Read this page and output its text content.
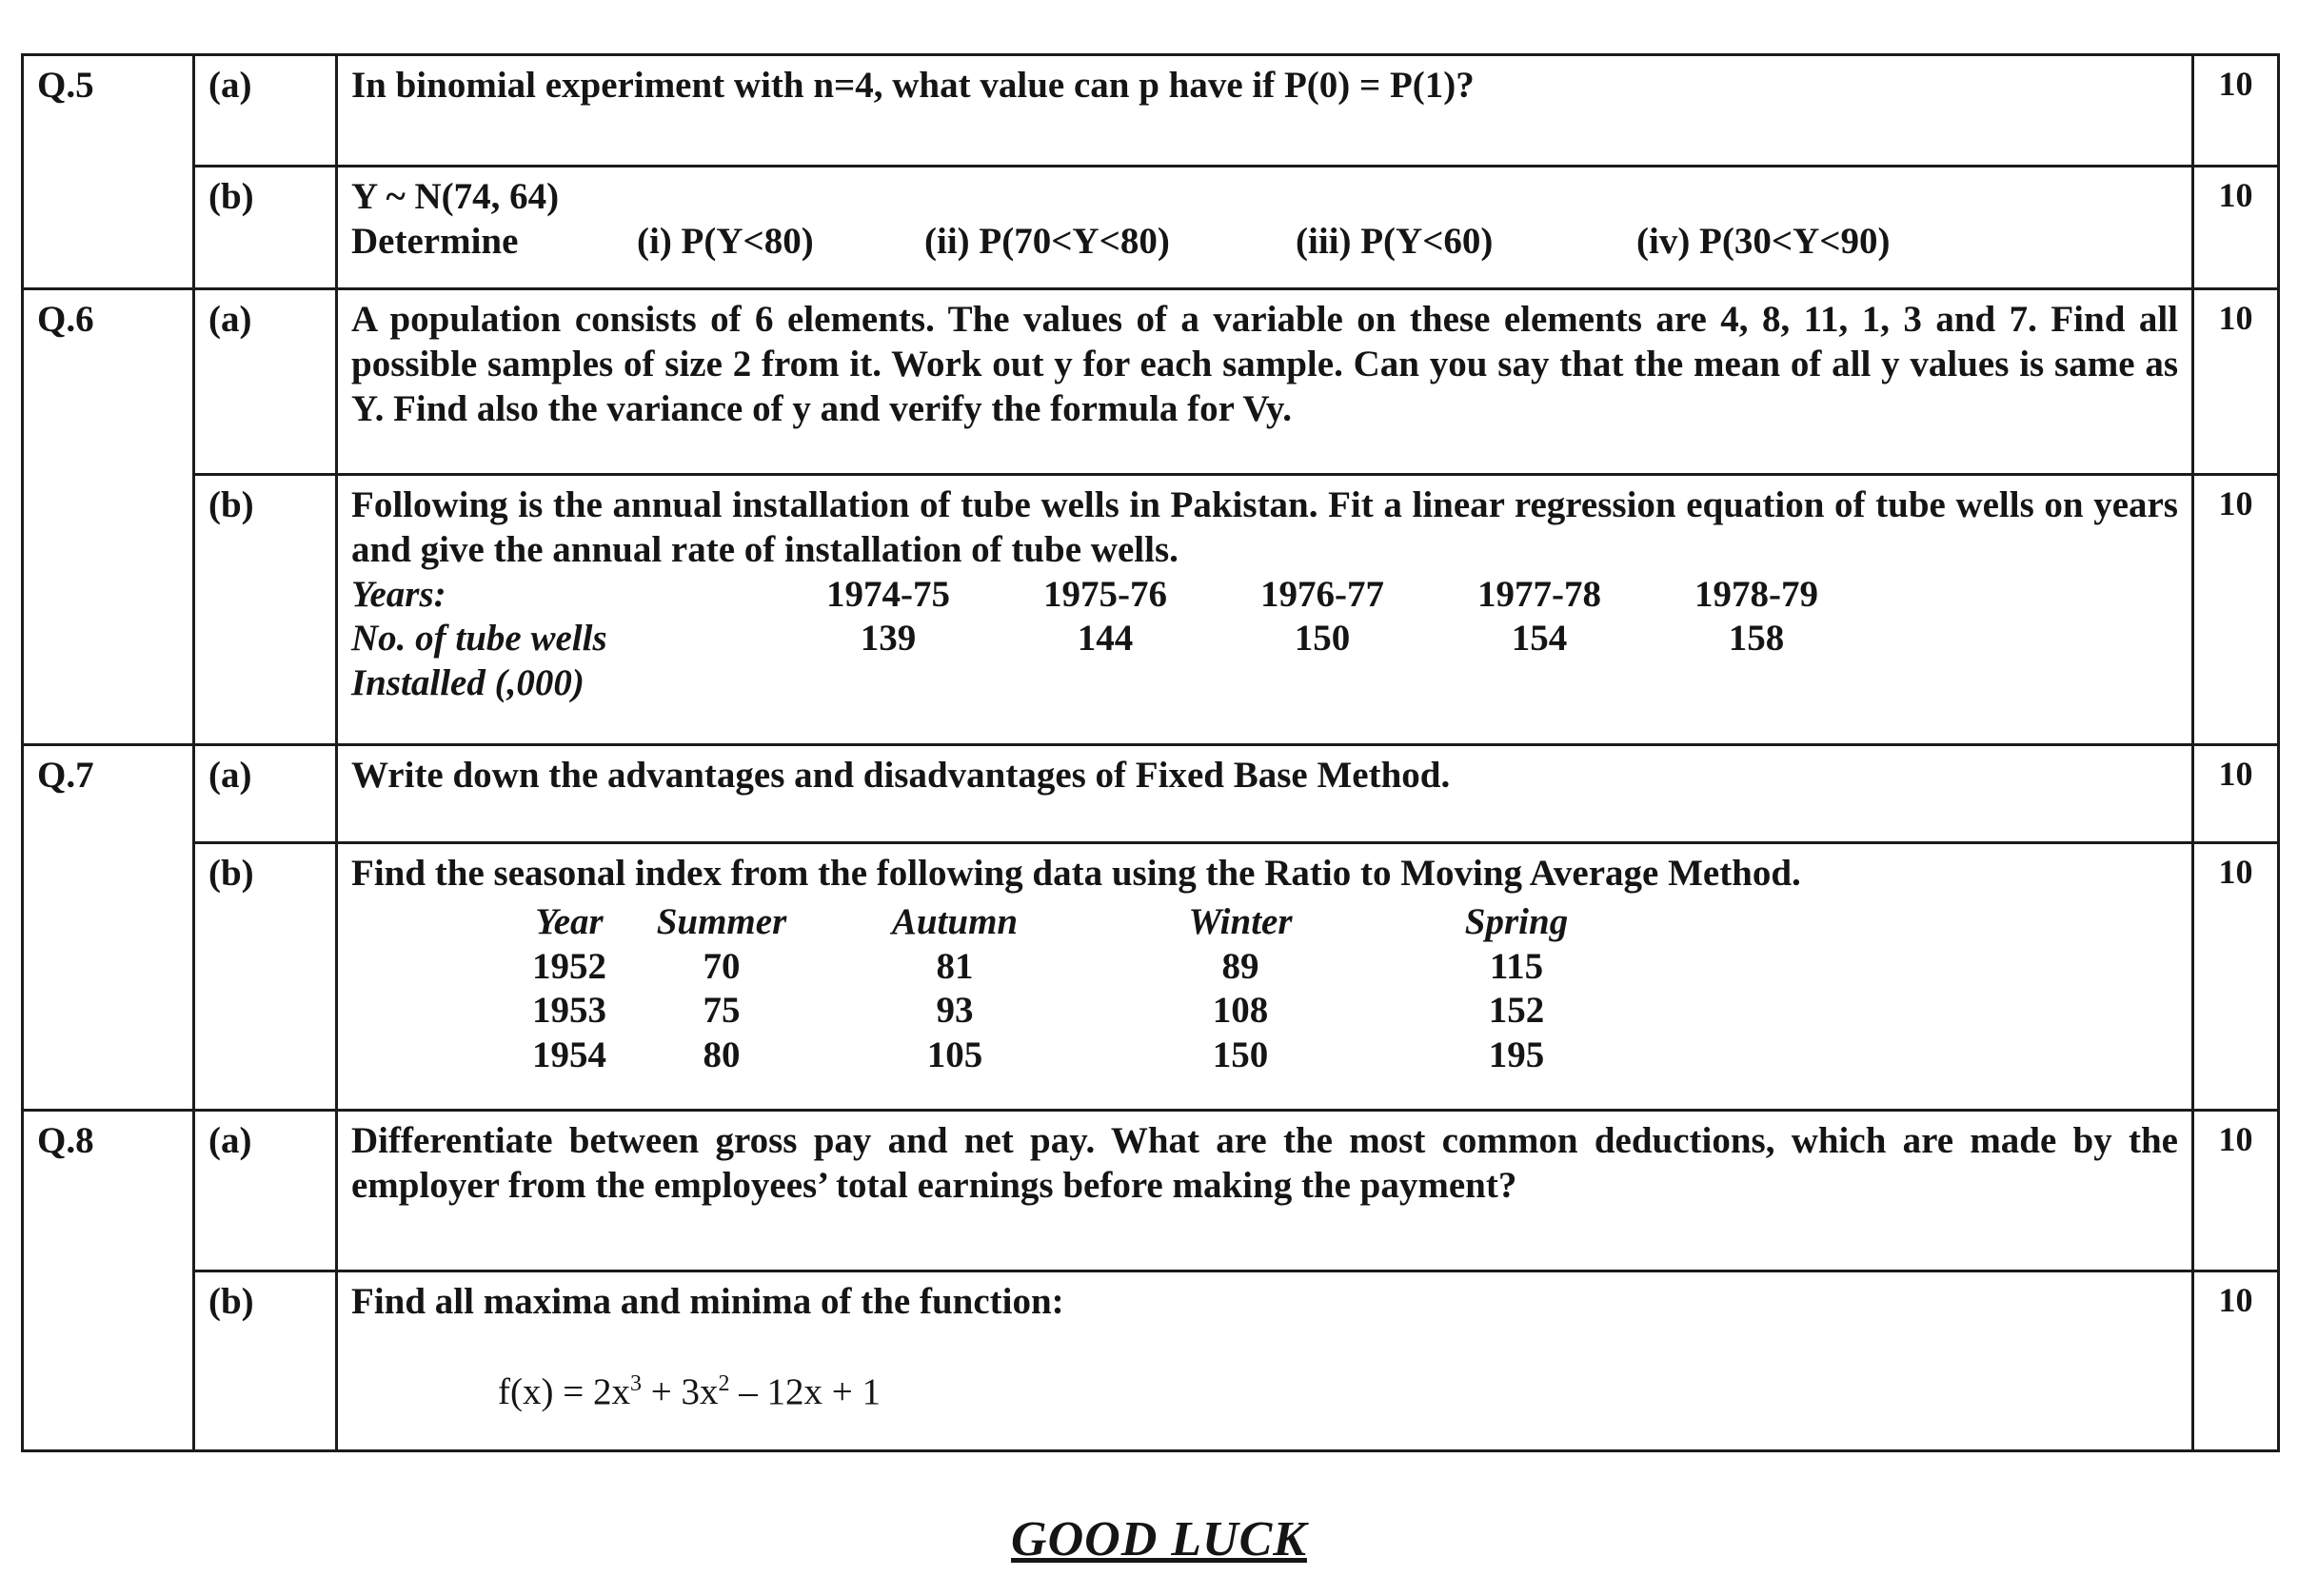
Q.5	(a)	In binomial experiment with n=4, what value can p have if P(0) = P(1)?	10
(b)	Y ~ N(74, 64)
Determine	(i) P(Y<80)	(ii) P(70<Y<80)	(iii) P(Y<60)	(iv) P(30<Y<90)
	10
Q.6	(a)	A population consists of 6 elements. The values of a variable on these elements are 4, 8, 11, 1, 3 and 7. Find all possible samples of size 2 from it. Work out y for each sample. Can you say that the mean of all y values is same as Y. Find also the variance of y and verify the formula for Vy.	10
(b)	Following is the annual installation of tube wells in Pakistan. Fit a linear regression equation of tube wells on years and give the annual rate of installation of tube wells.
Years:	1974-75	1975-76	1976-77	1977-78	1978-79
No. of tube wells	139	144	150	154	158
Installed (,000)					
	10
Q.7	(a)	Write down the advantages and disadvantages of Fixed Base Method.	10
(b)	Find the seasonal index from the following data using the Ratio to Moving Average Method.
Year	Summer	Autumn	Winter	Spring
1952	70	81	89	115
1953	75	93	108	152
1954	80	105	150	195
	10
Q.8	(a)	Differentiate between gross pay and net pay. What are the most common deductions, which are made by the employer from the employees’ total earnings before making the payment?	10
(b)	Find all maxima and minima of the function:
$f(x) = 2x^3 + 3x^2 - 12x + 1$
	10
GOOD LUCK
